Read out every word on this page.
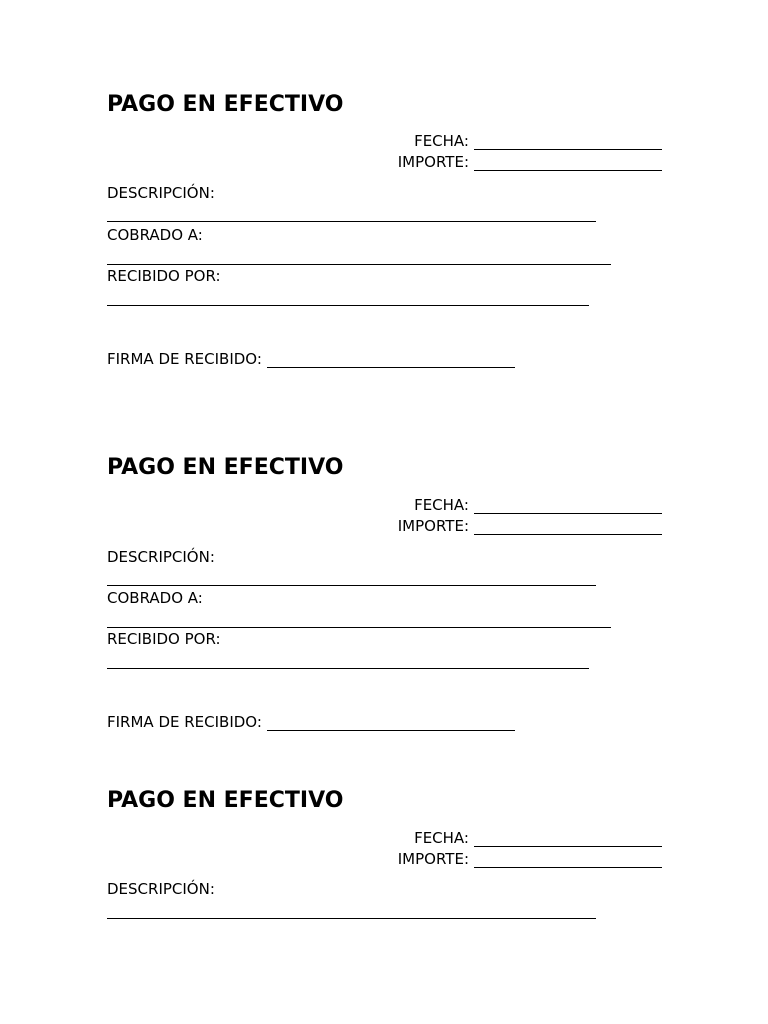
PAGO EN EFECTIVO
FECHA:
IMPORTE:
DESCRIPCIÓN:
COBRADO A:
RECIBIDO POR:
FIRMA DE RECIBIDO:
PAGO EN EFECTIVO
FECHA:
IMPORTE:
DESCRIPCIÓN:
COBRADO A:
RECIBIDO POR:
FIRMA DE RECIBIDO:
PAGO EN EFECTIVO
FECHA:
IMPORTE:
DESCRIPCIÓN:
